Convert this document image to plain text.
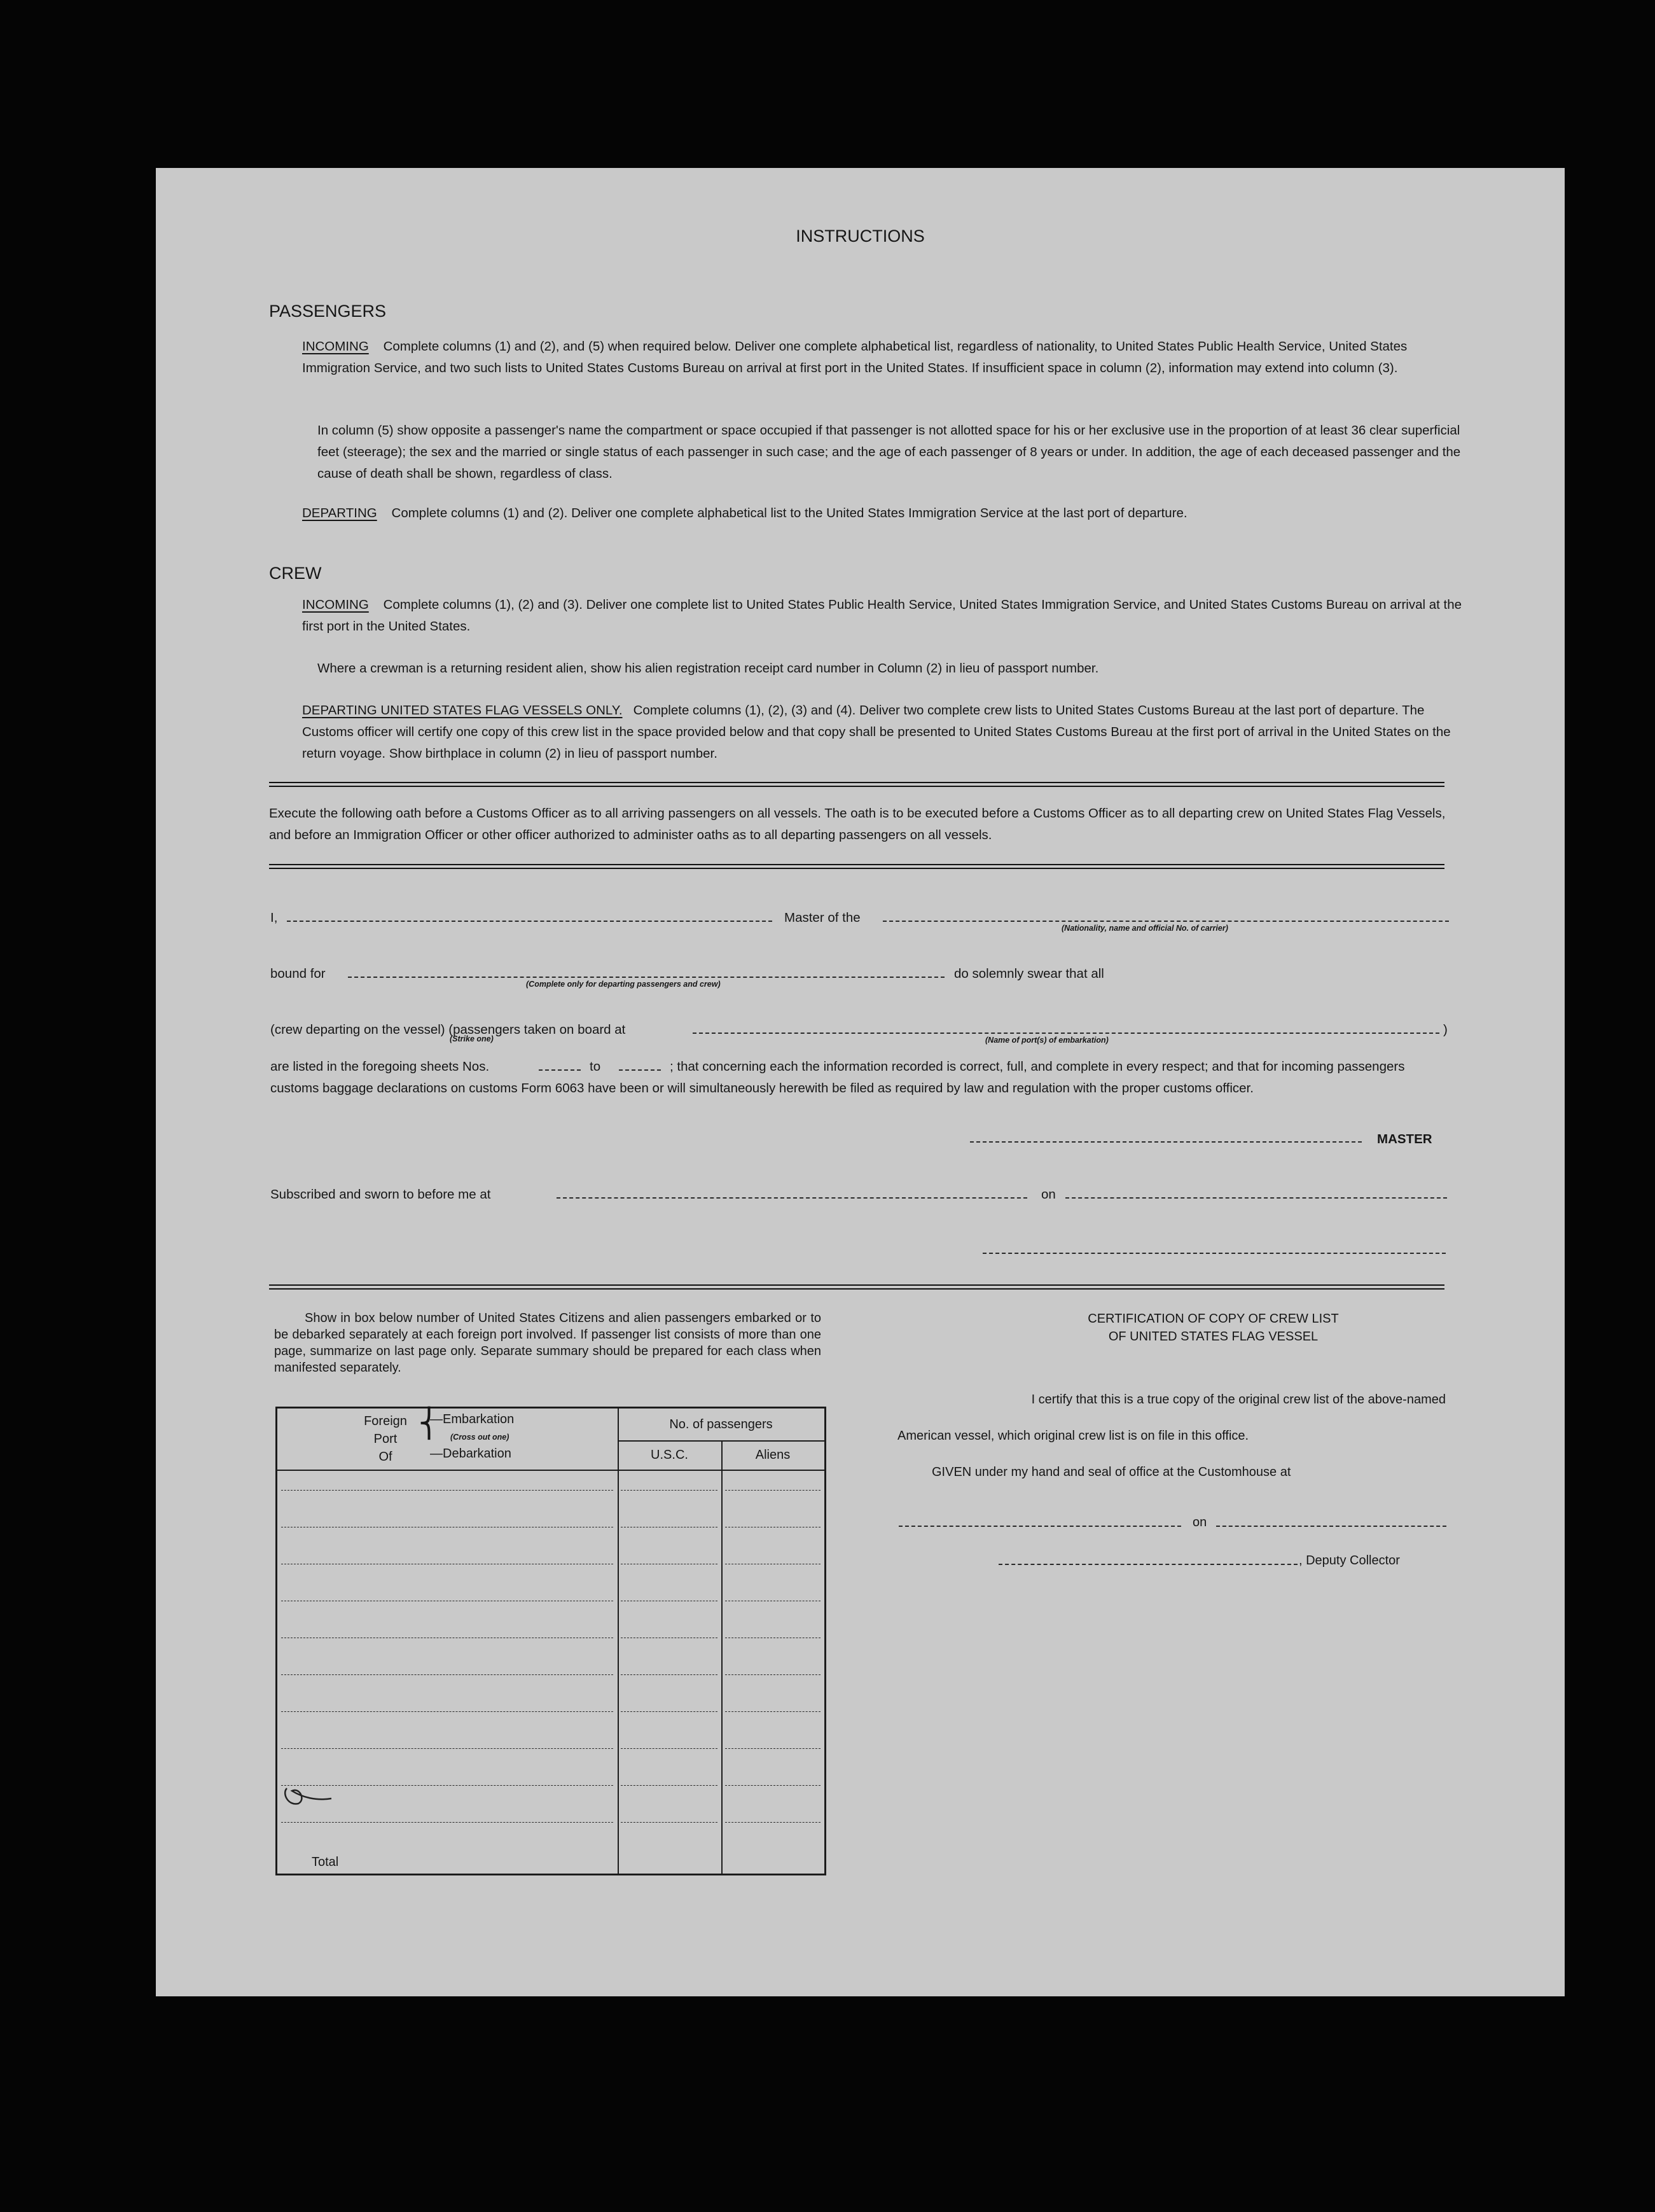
INSTRUCTIONS
PASSENGERS
INCOMING Complete columns (1) and (2), and (5) when required below. Deliver one complete alphabetical list, regardless of nationality, to United States Public Health Service, United States Immigration Service, and two such lists to United States Customs Bureau on arrival at first port in the United States. If insufficient space in column (2), information may extend into column (3).
In column (5) show opposite a passenger's name the compartment or space occupied if that passenger is not allotted space for his or her exclusive use in the proportion of at least 36 clear superficial feet (steerage); the sex and the married or single status of each passenger in such case; and the age of each passenger of 8 years or under. In addition, the age of each deceased passenger and the cause of death shall be shown, regardless of class.
DEPARTING Complete columns (1) and (2). Deliver one complete alphabetical list to the United States Immigration Service at the last port of departure.
CREW
INCOMING Complete columns (1), (2) and (3). Deliver one complete list to United States Public Health Service, United States Immigration Service, and United States Customs Bureau on arrival at the first port in the United States.
Where a crewman is a returning resident alien, show his alien registration receipt card number in Column (2) in lieu of passport number.
DEPARTING UNITED STATES FLAG VESSELS ONLY. Complete columns (1), (2), (3) and (4). Deliver two complete crew lists to United States Customs Bureau at the last port of departure. The Customs officer will certify one copy of this crew list in the space provided below and that copy shall be presented to United States Customs Bureau at the first port of arrival in the United States on the return voyage. Show birthplace in column (2) in lieu of passport number.
Execute the following oath before a Customs Officer as to all arriving passengers on all vessels. The oath is to be executed before a Customs Officer as to all departing crew on United States Flag Vessels, and before an Immigration Officer or other officer authorized to administer oaths as to all departing passengers on all vessels.
I,	Master of the
(Nationality, name and official No. of carrier)
bound for
(Complete only for departing passengers and crew)
do solemnly swear that all
(crew departing on the vessel) (passengers taken on board at	)
(Strike one)	(Name of port(s) of embarkation)
are listed in the foregoing sheets Nos.	to	; that concerning each the information recorded is correct, full, and complete in every respect; and that for incoming passengers customs baggage declarations on customs Form 6063 have been or will simultaneously herewith be filed as required by law and regulation with the proper customs officer.
MASTER
Subscribed and sworn to before me at	on
Show in box below number of United States Citizens and alien passengers embarked or to be debarked separately at each foreign port involved. If passenger list consists of more than one page, summarize on last page only. Separate summary should be prepared for each class when manifested separately.
Foreign
Port
Of
⎨
—Embarkation
(Cross out one)
—Debarkation
No. of passengers
U.S.C.	Aliens
Total
CERTIFICATION OF COPY OF CREW LIST
OF UNITED STATES FLAG VESSEL
I certify that this is a true copy of the original crew list of the above-named
American vessel, which original crew list is on file in this office.
GIVEN under my hand and seal of office at the Customhouse at
on
, Deputy Collector
